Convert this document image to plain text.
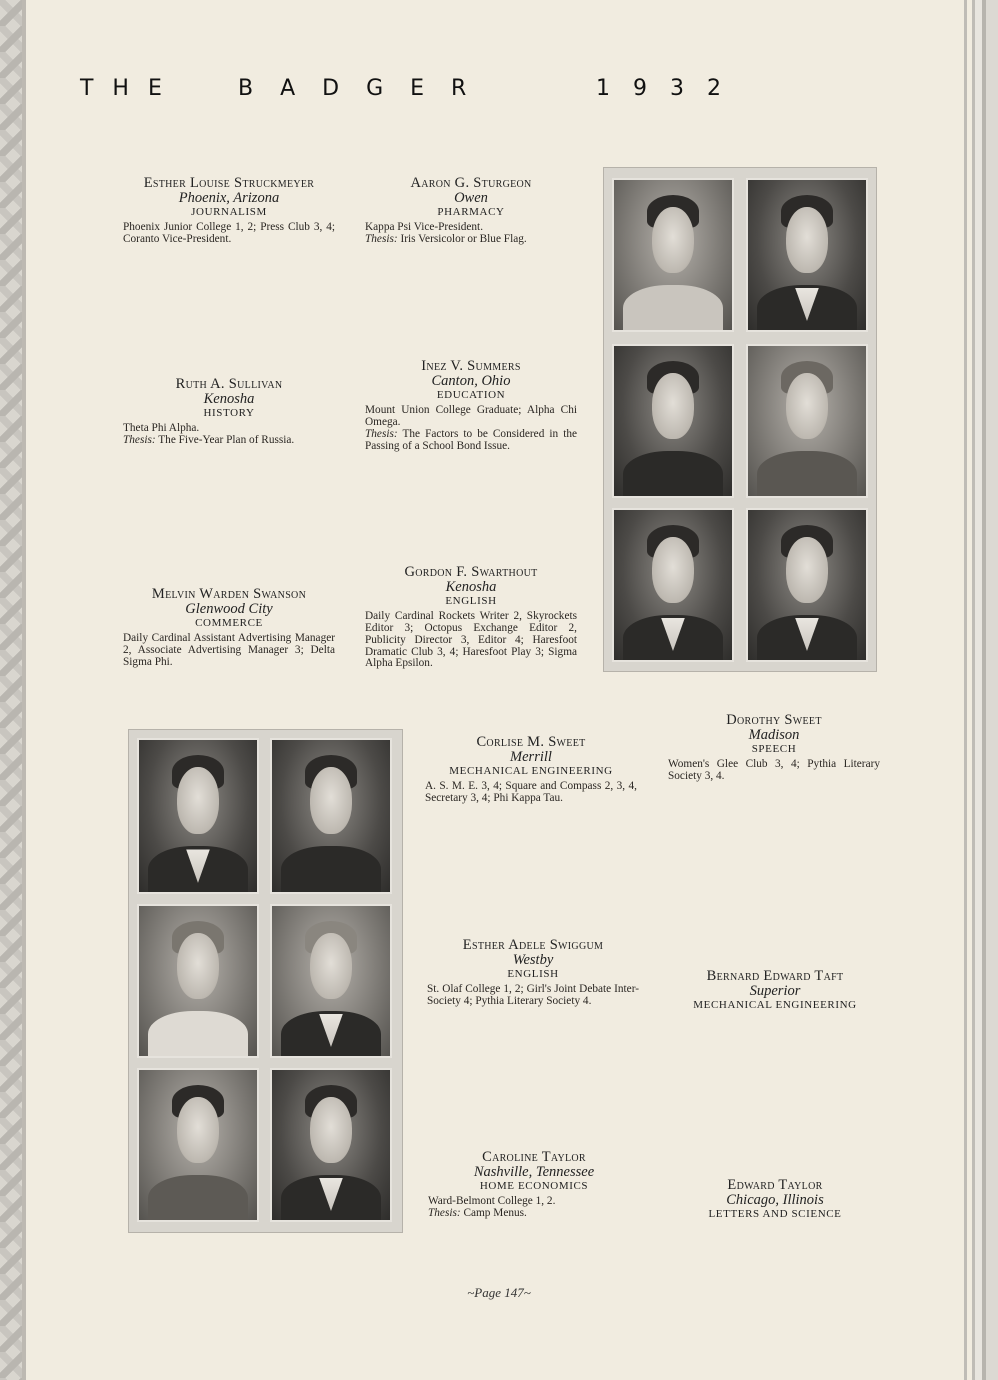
T H E	B A D G E R	1 9 3 2
Esther Louise Struckmeyer
Phoenix, Arizona
JOURNALISM
Phoenix Junior College 1, 2; Press Club 3, 4; Coranto Vice-President.
Aaron G. Sturgeon
Owen
PHARMACY
Kappa Psi Vice-President.
Thesis: Iris Versicolor or Blue Flag.
Ruth A. Sullivan
Kenosha
HISTORY
Theta Phi Alpha.
Thesis: The Five-Year Plan of Russia.
Inez V. Summers
Canton, Ohio
EDUCATION
Mount Union College Graduate; Alpha Chi Omega.
Thesis: The Factors to be Considered in the Passing of a School Bond Issue.
Melvin Warden Swanson
Glenwood City
COMMERCE
Daily Cardinal Assistant Advertising Manager 2, Associate Advertising Manager 3; Delta Sigma Phi.
Gordon F. Swarthout
Kenosha
ENGLISH
Daily Cardinal Rockets Writer 2, Skyrockets Editor 3; Octopus Exchange Editor 2, Publicity Director 3, Editor 4; Haresfoot Dramatic Club 3, 4; Haresfoot Play 3; Sigma Alpha Epsilon.
Dorothy Sweet
Madison
SPEECH
Women's Glee Club 3, 4; Pythia Literary Society 3, 4.
Corlise M. Sweet
Merrill
MECHANICAL ENGINEERING
A. S. M. E. 3, 4; Square and Compass 2, 3, 4, Secretary 3, 4; Phi Kappa Tau.
Esther Adele Swiggum
Westby
ENGLISH
St. Olaf College 1, 2; Girl's Joint Debate Inter-Society 4; Pythia Literary Society 4.
Bernard Edward Taft
Superior
MECHANICAL ENGINEERING
Caroline Taylor
Nashville, Tennessee
HOME ECONOMICS
Ward-Belmont College 1, 2.
Thesis: Camp Menus.
Edward Taylor
Chicago, Illinois
LETTERS AND SCIENCE
~Page 147~
